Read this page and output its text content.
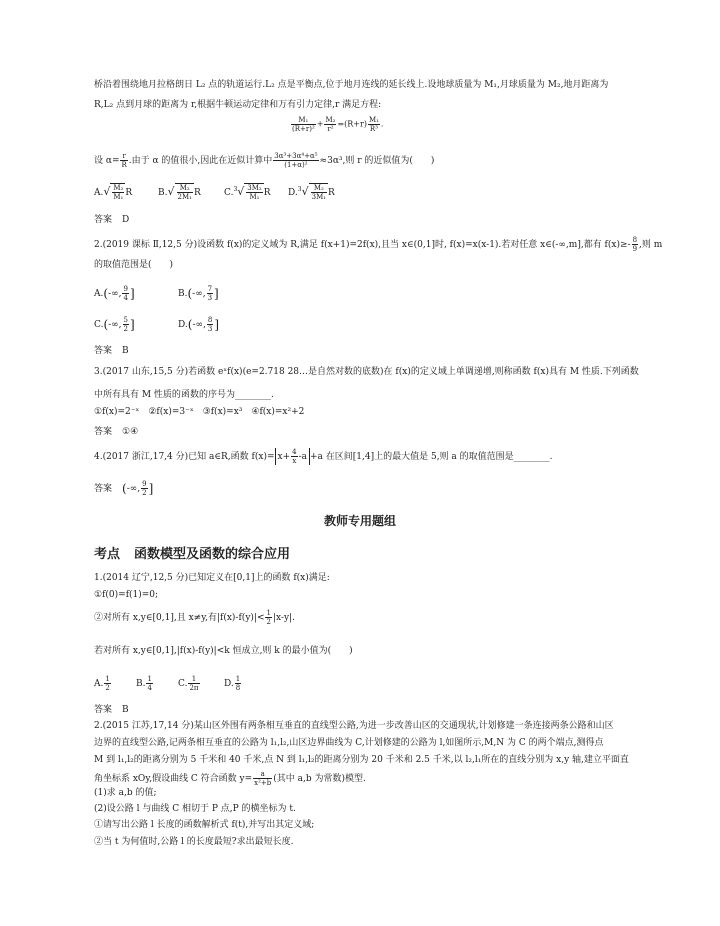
桥沿着围绕地月拉格朗日 L₂ 点的轨道运行.L₂ 点是平衡点,位于地月连线的延长线上.设地球质量为 M₁,月球质量为 M₂,地月距离为
R,L₂ 点到月球的距离为 r,根据牛顿运动定律和万有引力定律,r 满足方程:
$\frac{\text{M₁}}{\text{(R+r)²}} + \frac{\text{M₂}}{\text{r²}} =(R+r) \frac{\text{M₁}}{\text{R³}}$ .
设 $\alpha= \frac{r}{R}$ .由于 α 的值很小,因此在近似计算中 $\frac{\text{3α³+3α⁴+α⁵}}{\text{(1+α)²}} \approx 3\alpha^3$,则 r 的近似值为(　　)
$A.√ \frac{\text{M₂}}{\text{M₁}}$ R	$B.√ \frac{\text{M₂}}{\text{2M₁}}$ R	$C.^3√ \frac{\text{3M₂}}{\text{M₁}}$ R $D.^3√ \frac{\text{M₂}}{\text{3M₁}}$ R
答案 D
2.(2019 课标 Ⅱ,12,5 分)设函数 f(x)的定义域为 R,满足 f(x+1)=2f(x),且当 x∈(0,1]时, f(x)=x(x-1).若对任意 x∈(-∞,m],都有 $f(x)\ge- \frac{8}{9}$ ,则 m
的取值范围是(　　)
A.(-∞, $\frac{9}{4}$ ]	B.(-∞, $\frac{7}{3}$ ]
C.(-∞, $\frac{5}{2}$ ]	D.(-∞, $\frac{8}{3}$ ]
答案 B
3.(2017 山东,15,5 分)若函数 eˣf(x)(e=2.718 28…是自然对数的底数)在 f(x)的定义域上单调递增,则称函数 f(x)具有 M 性质.下列函数
中所有具有 M 性质的函数的序号为________.
①f(x)=2⁻ˣ　②f(x)=3⁻ˣ　③f(x)=x³　④f(x)=x²+2
答案 ①④
4.(2017 浙江,17,4 分)已知 a∈R,函数 $f(x)= x+ \frac{4}{x} -a +a$ 在区间[1,4]上的最大值是 5,则 a 的取值范围是________.
答案 (-∞, $\frac{9}{2}$ ]
教师专用题组
考点 函数模型及函数的综合应用
1.(2014 辽宁,12,5 分)已知定义在[0,1]上的函数 f(x)满足:
①f(0)=f(1)=0;
②对所有 x,y∈[0,1],且 x≠y,有$|f(x)-f(y)|< \frac{1}{2} |x-y|$.
若对所有 x,y∈[0,1],|f(x)-f(y)|<k 恒成立,则 k 的最小值为(　　)
A. $\frac{1}{2}$	B. $\frac{1}{4}$	C. $\frac{1}{2\pi}$	D. $\frac{1}{8}$
答案 B
2.(2015 江苏,17,14 分)某山区外围有两条相互垂直的直线型公路,为进一步改善山区的交通现状,计划修建一条连接两条公路和山区
边界的直线型公路,记两条相互垂直的公路为 l₁,l₂,山区边界曲线为 C,计划修建的公路为 l,如图所示,M,N 为 C 的两个端点,测得点
M 到 l₁,l₂的距离分别为 5 千米和 40 千米,点 N 到 l₁,l₂的距离分别为 20 千米和 2.5 千米,以 l₂,l₁所在的直线分别为 x,y 轴,建立平面直
角坐标系 xOy,假设曲线 C 符合函数 $y= \frac{a}{\text{x²+b}}$ (其中 a,b 为常数)模型.
(1)求 a,b 的值;
(2)设公路 l 与曲线 C 相切于 P 点,P 的横坐标为 t.
①请写出公路 l 长度的函数解析式 f(t),并写出其定义域;
②当 t 为何值时,公路 l 的长度最短?求出最短长度.
